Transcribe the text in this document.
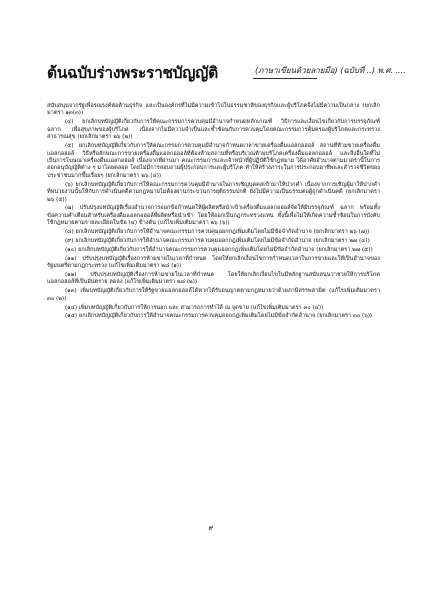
ต้นฉบับร่างพระราชบัญญัติ	(ภาษาเขียนด้วยลายมือ) (ฉบับที่ ..) พ.ศ. ....

สนับสนุนจากรัฐเพื่อรณรงค์ต่อต้านธุรกิจ และเป็นองค์กรที่ไม่มีความเข้าไปในธรรมชาติของธุรกิจและผู้บริโภคจึงไม่มีความเป็นกลาง (ยกเลิกมาตรา ๑๓(๓))

(๔) ยกเลิกบทบัญญัติเกี่ยวกับการให้คณะกรรมการควบคุมมีอำนาจกำหนดหลักเกณฑ์ วิธีการและเงื่อนไขเกี่ยวกับการบรรจุภัณฑ์ ฉลาก เพื่อสุขภาพของผู้บริโภค เนื่องจากไม่มีความจำเป็นและซ้ำซ้อนกับการควบคุมโดยคณะกรรมการคุ้มครองผู้บริโภคและกระทรวงสาธารณสุข (ยกเลิกมาตรา ๒๖ (๒))

(๕) ยกเลิกบทบัญญัติเกี่ยวกับการให้คณะกรรมการควบคุมมีอำนาจกำหนดเวลาขายเครื่องดื่มแอลกอฮอล์ สถานที่ห้ามขายเครื่องดื่มแอลกอฮอล์ วิธีหรือลักษณะการขายเครื่องดื่มแอลกอฮอล์ที่ต้องห้ามสถานที่หรือบริเวณห้ามบริโภคเครื่องดื่มแอลกอฮอล์ และสิ่งอื่นใดที่ไม่เป็นการโฆษณาเครื่องดื่มแอลกอฮอล์ เนื่องจากที่ผ่านมา คณะกรรมการและเจ้าหน้าที่ผู้ปฏิบัติใช้กฎหมาย ได้อาศัยอำนาจตามมาตรานี้ในการออกอนุบัญญัติต่าง ๆ มาโดยตลอด โดยไม่มีการสอบถามผู้ประกอบการและผู้บริโภค ทำให้สร้างภาระในการประกอบอาชีพและสำรวจชีวิตของประชาชนมากขึ้นเรื่อยๆ (ยกเลิกมาตรา ๒๖ (๔))

(๖) ยกเลิกบทบัญญัติเกี่ยวกับการให้คณะกรรมการควบคุมมีอำนาจในการเชิญบุคคลเข้ามาให้ปากคำ เนื่องจากการเชิญผู้มาให้ปากคำที่หน่วยงานนั้นให้กับการดำเนินคดีตามกฎหมายไม่ต้องผ่านกระบวนการยุติธรรมปกติ ยังไม่มีความเป็นธรรมต่อผู้ถูกดำเนินคดี (ยกเลิกมาตรา ๒๖ (๕))

(๗) ปรับปรุงบทบัญญัติเรื่องอำนาจการออกข้อกำหนดให้ผู้ผลิตหรือนำเข้าเครื่องดื่มแอลกอฮอล์จัดให้มีบรรจุภัณฑ์ ฉลาก พร้อมทั้งข้อความคำเตือนสำหรับเครื่องดื่มแอลกอฮอล์ที่ผลิตหรือนำเข้า โดยให้ออกเป็นกฎกระทรวงแทน ทั้งนี้เพื่อไม่ให้เกิดความซ้ำซ้อนในการบังคับใช้กฎหมายตามรายละเอียดในข้อ (๔) ข้างต้น (แก้ไขเพิ่มเติมมาตรา ๒๖ (๖))

(๘) ยกเลิกบทบัญญัติเกี่ยวกับการให้อำนาจคณะกรรมการควบคุมออกกฎเพิ่มเติมโดยไม่มีข้อจำกัดอำนาจ (ยกเลิกมาตรา ๒๖ (๗))

(๙) ยกเลิกบทบัญญัติเกี่ยวกับการให้อำนาจคณะกรรมการควบคุมออกกฎเพิ่มเติมโดยไม่มีข้อจำกัดอำนาจ (ยกเลิกมาตรา ๒๗ (๔))

(๑๐) ยกเลิกบทบัญญัติเกี่ยวกับการให้อำนาจคณะกรรมการควบคุมออกกฎเพิ่มเติมโดยไม่มีข้อจำกัดอำนาจ (ยกเลิกมาตรา ๒๗ (๕))

(๑๑) ปรับปรุงบทบัญญัติเรื่องการห้ามขายในเวลาที่กำหนด โดยให้ยกเลิกเงื่อนไขการกำหนดเวลาในการขายและให้เป็นอำนาจของรัฐมนตรีตามกฎกระทรวง (แก้ไขเพิ่มเติมมาตรา ๒๘ (๑))

(๑๒) ปรับปรุงบทบัญญัติเรื่องการห้ามขายในเวลาที่กำหนด โดยให้ยกเลิกเงื่อนไขในมีหลักฐานสนับสนุนว่าช่วยให้การบริโภคแอลกอฮอล์ที่เป็นอันตราย ลดลง (แก้ไขเพิ่มเติมมาตรา ๒๘ (๒))

(๑๓) เพิ่มบทบัญญัติเกี่ยวกับการให้รัฐขายแอลกอฮอล์ได้หากได้รับอนุญาตตามกฎหมายว่าด้วยภาษีสรรพสามิต (แก้ไขเพิ่มเติมมาตรา ๓๐ (๒))

(๑๔) เพิ่มบทบัญญัติเกี่ยวกับการให้การนอก และ สามารถการทำได้ ณ จุดขาย (แก้ไขเพิ่มเติมมาตรา ๓๐ (๔))

(๑๕) ยกเลิกบทบัญญัติเกี่ยวกับการให้อำนาจคณะกรรมการควบคุมออกกฎเพิ่มเติมโดยไม่มีข้อจำกัดอำนาจ (ยกเลิกมาตรา ๓๐ (๖))

๙
